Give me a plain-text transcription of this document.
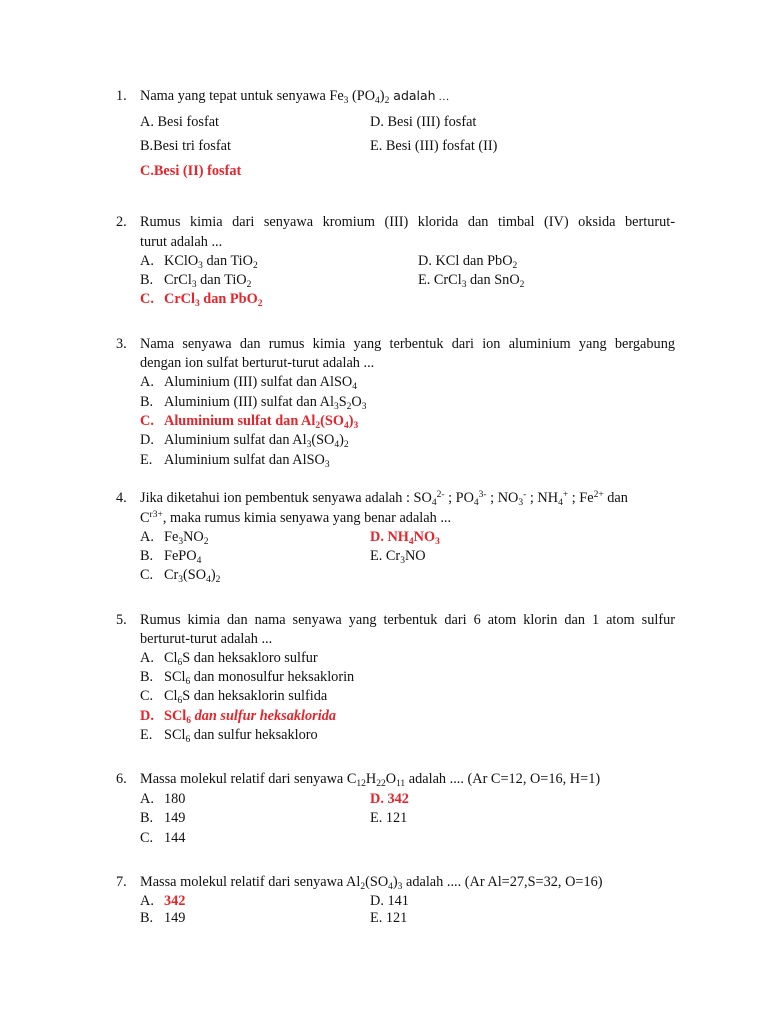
1. Nama yang tepat untuk senyawa $Fe_3$ $(PO_4)_2$ adalah …
A. Besi fosfat
B.Besi tri fosfat
C.Besi (II) fosfat
D. Besi (III) fosfat
E. Besi (III) fosfat (II)
2. Rumus kimia dari senyawa kromium (III) klorida dan timbal (IV) oksida berturut-
turut adalah ...
A. KClO$_3$ dan TiO$_2$
B. CrCl$_3$ dan TiO$_2$
C. CrCl$_3$ dan PbO$_2$
D. KCl dan PbO$_2$
E. CrCl$_3$ dan SnO$_2$
3. Nama senyawa dan rumus kimia yang terbentuk dari ion aluminium yang bergabung
dengan ion sulfat berturut-turut adalah ...
A. Aluminium (III) sulfat dan AlSO$_4$
B. Aluminium (III) sulfat dan $Al_3S_2O_3$
C. Aluminium sulfat dan $Al_2(SO_4)_3$
D. Aluminium sulfat dan $Al_3(SO_4)_2$
E. Aluminium sulfat dan AlSO$_3$
4. Jika diketahui ion pembentuk senyawa adalah : $SO_4^{2-}$ ; $PO_4^{3-}$ ; $NO_3^-$ ; $NH_4^+$ ; $Fe^{2+}$ dan
$C^{r3+}$, maka rumus kimia senyawa yang benar adalah ...
A. $Fe_3NO_2$
B. FePO$_4$
C. $Cr_3(SO_4)_2$
D. $NH_4NO_3$
E. $Cr_3NO$
5. Rumus kimia dan nama senyawa yang terbentuk dari 6 atom klorin dan 1 atom sulfur
berturut-turut adalah ...
A. $Cl_6S$ dan heksakloro sulfur
B. SCl$_6$ dan monosulfur heksaklorin
C. $Cl_6S$ dan heksaklorin sulfida
D. SCl$_6$ dan sulfur heksaklorida
E. SCl$_6$ dan sulfur heksakloro
6. Massa molekul relatif dari senyawa $C_{12}H_{22}O_{11}$ adalah .... (Ar C=12, O=16, H=1)
A. 180
B. 149
C. 144
D. 342
E. 121
7. Massa molekul relatif dari senyawa $Al_2(SO_4)_3$ adalah .... (Ar Al=27,S=32, O=16)
A. 342
B. 149
D. 141
E. 121
